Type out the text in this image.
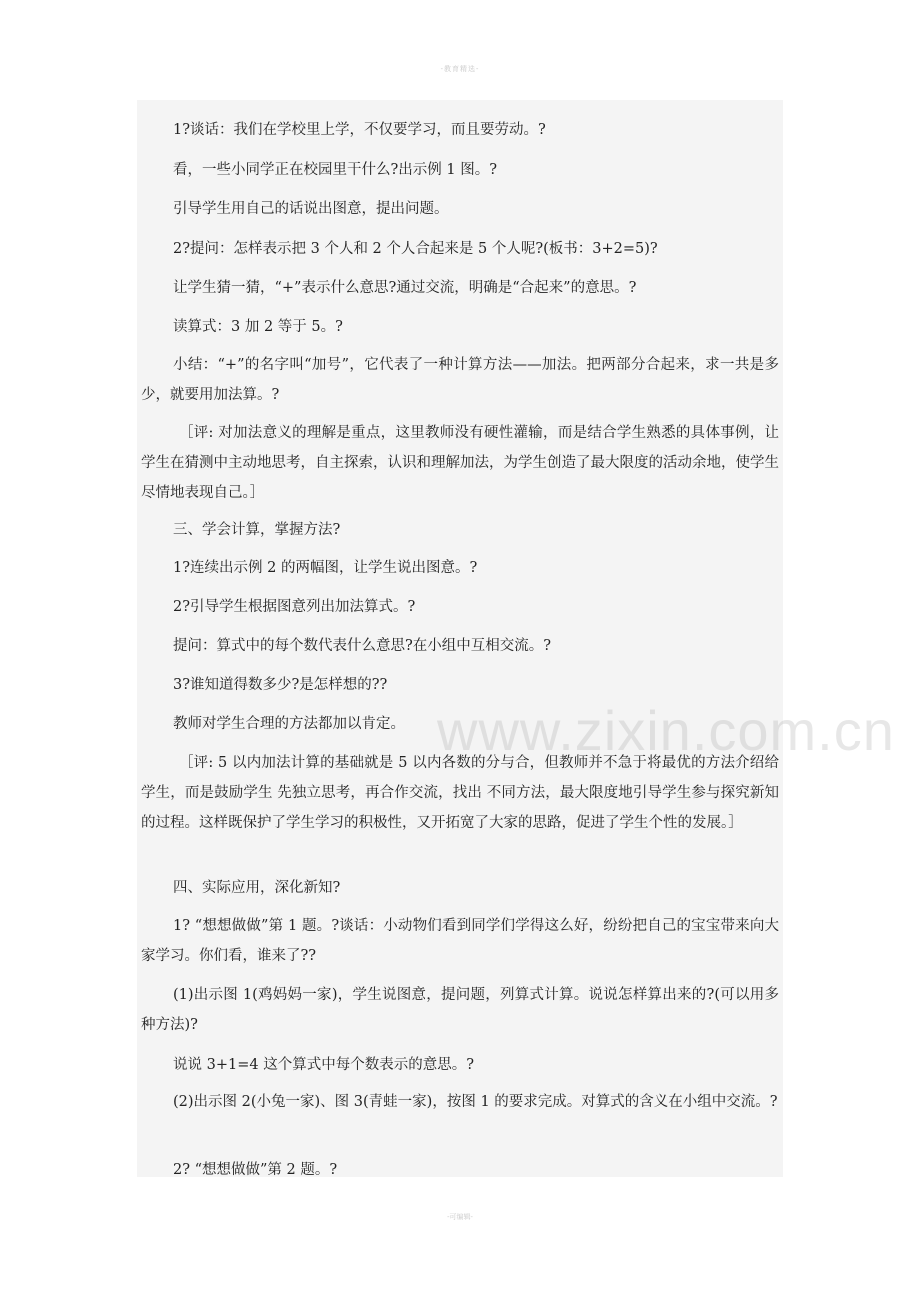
-教育精选-
www.zixin.com.cn

1?谈话：我们在学校里上学，不仅要学习，而且要劳动。?

看，一些小同学正在校园里干什么?出示例 1 图。?

引导学生用自己的话说出图意，提出问题。

2?提问：怎样表示把 3 个人和 2 个人合起来是 5 个人呢?(板书：3+2=5)?

让学生猜一猜，“+”表示什么意思?通过交流，明确是“合起来”的意思。?

读算式：3 加 2 等于 5。?

小结：“+”的名字叫“加号”，它代表了一种计算方法——加法。把两部分合起来，求一共是多少，就要用加法算。?

［评: 对加法意义的理解是重点，这里教师没有硬性灌输，而是结合学生熟悉的具体事例，让学生在猜测中主动地思考，自主探索，认识和理解加法，为学生创造了最大限度的活动余地，使学生尽情地表现自己。］

三、学会计算，掌握方法?

1?连续出示例 2 的两幅图，让学生说出图意。?

2?引导学生根据图意列出加法算式。?

提问：算式中的每个数代表什么意思?在小组中互相交流。?

3?谁知道得数多少?是怎样想的??

教师对学生合理的方法都加以肯定。

［评: 5 以内加法计算的基础就是 5 以内各数的分与合，但教师并不急于将最优的方法介绍给学生，而是鼓励学生 先独立思考，再合作交流，找出 不同方法，最大限度地引导学生参与探究新知的过程。这样既保护了学生学习的积极性，又开拓宽了大家的思路，促进了学生个性的发展。］

四、实际应用，深化新知?

1? “想想做做”第 1 题。?谈话：小动物们看到同学们学得这么好，纷纷把自己的宝宝带来向大家学习。你们看，谁来了??

(1)出示图 1(鸡妈妈一家)，学生说图意，提问题，列算式计算。说说怎样算出来的?(可以用多种方法)?

说说 3+1=4 这个算式中每个数表示的意思。?

(2)出示图 2(小兔一家)、图 3(青蛙一家)，按图 1 的要求完成。对算式的含义在小组中交流。?

2? “想想做做”第 2 题。?

-可编辑-
